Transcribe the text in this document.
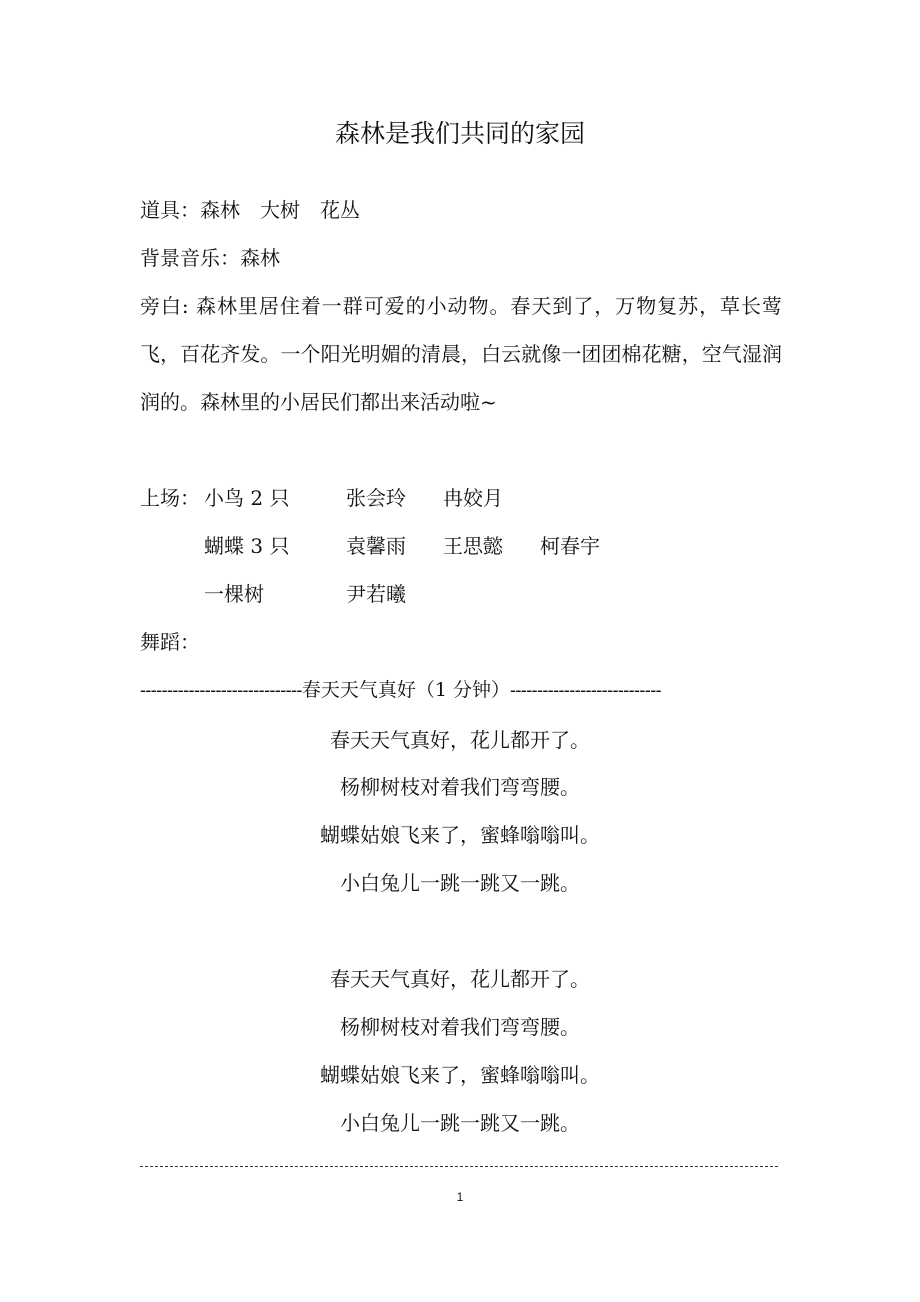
森林是我们共同的家园
道具：森林　大树　花丛
背景音乐：森林
旁白: 森林里居住着一群可爱的小动物。春天到了，万物复苏，草长莺飞，百花齐发。一个阳光明媚的清晨，白云就像一团团棉花糖，空气湿润润的。森林里的小居民们都出来活动啦~
上场： 小鸟 2 只	张会玲 冉姣月
蝴蝶 3 只	袁馨雨 王思懿 柯春宇
一棵树	尹若曦
舞蹈：
------------------------------春天天气真好（1 分钟）----------------------------
春天天气真好，花儿都开了。
杨柳树枝对着我们弯弯腰。
蝴蝶姑娘飞来了，蜜蜂嗡嗡叫。
小白兔儿一跳一跳又一跳。
春天天气真好，花儿都开了。
杨柳树枝对着我们弯弯腰。
蝴蝶姑娘飞来了，蜜蜂嗡嗡叫。
小白兔儿一跳一跳又一跳。
1
